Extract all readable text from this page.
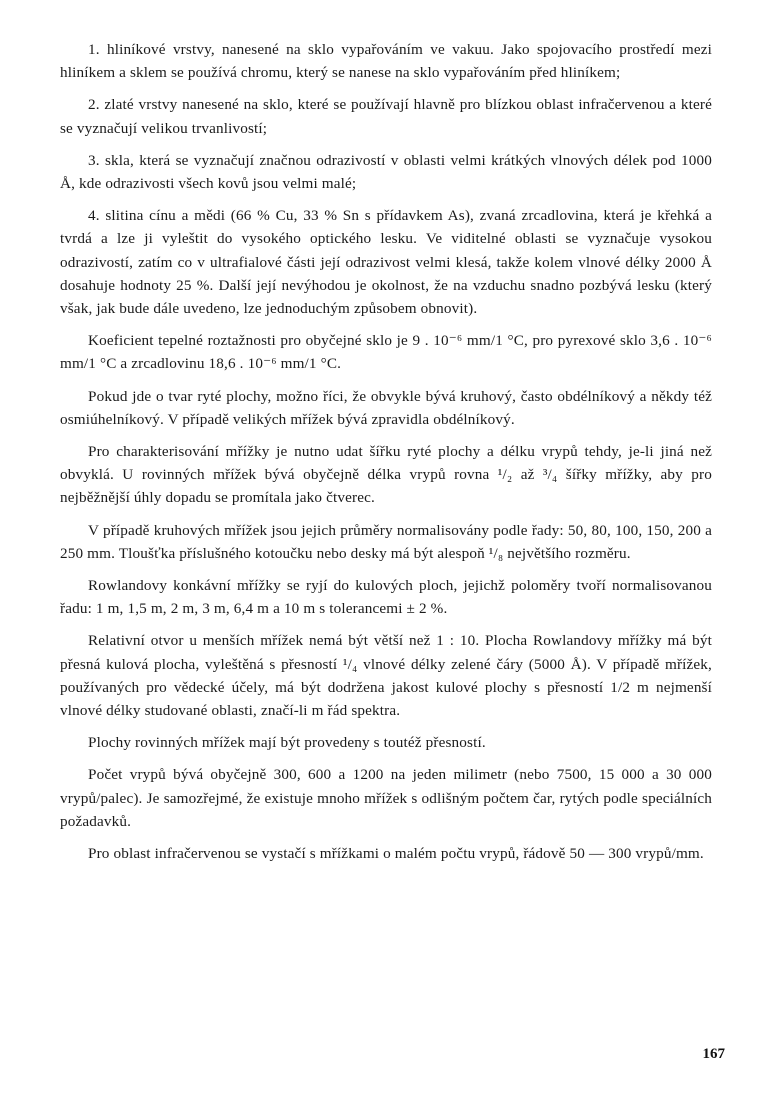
1. hliníkové vrstvy, nanesené na sklo vypařováním ve vakuu. Jako spojovacího prostředí mezi hliníkem a sklem se používá chromu, který se nanese na sklo vypařováním před hliníkem;

2. zlaté vrstvy nanesené na sklo, které se používají hlavně pro blízkou oblast infračervenou a které se vyznačují velikou trvanlivostí;

3. skla, která se vyznačují značnou odrazivostí v oblasti velmi krátkých vlnových délek pod 1000 Å, kde odrazivosti všech kovů jsou velmi malé;

4. slitina cínu a mědi (66 % Cu, 33 % Sn s přídavkem As), zvaná zrcadlovina, která je křehká a tvrdá a lze ji vyleštit do vysokého optického lesku. Ve viditelné oblasti se vyznačuje vysokou odrazivostí, zatím co v ultrafialové části její odrazivost velmi klesá, takže kolem vlnové délky 2000 Å dosahuje hodnoty 25 %. Další její nevýhodou je okolnost, že na vzduchu snadno pozbývá lesku (který však, jak bude dále uvedeno, lze jednoduchým způsobem obnovit).

Koeficient tepelné roztažnosti pro obyčejné sklo je 9 . 10⁻⁶ mm/1 °C, pro pyrexové sklo 3,6 . 10⁻⁶ mm/1 °C a zrcadlovinu 18,6 . 10⁻⁶ mm/1 °C.

Pokud jde o tvar ryté plochy, možno říci, že obvykle bývá kruhový, často obdélníkový a někdy též osmiúhelníkový. V případě velikých mřížek bývá zpravidla obdélníkový.

Pro charakterisování mřížky je nutno udat šířku ryté plochy a délku vrypů tehdy, je-li jiná než obvyklá. U rovinných mřížek bývá obyčejně délka vrypů rovna ¹/₂ až ³/₄ šířky mřížky, aby pro nejběžnější úhly dopadu se promítala jako čtverec.

V případě kruhových mřížek jsou jejich průměry normalisovány podle řady: 50, 80, 100, 150, 200 a 250 mm. Tloušťka příslušného kotoučku nebo desky má být alespoň ¹/₈ největšího rozměru.

Rowlandovy konkávní mřížky se ryjí do kulových ploch, jejichž poloměry tvoří normalisovanou řadu: 1 m, 1,5 m, 2 m, 3 m, 6,4 m a 10 m s tolerancemi ± 2 %.

Relativní otvor u menších mřížek nemá být větší než 1 : 10. Plocha Rowlandovy mřížky má být přesná kulová plocha, vyleštěná s přesností ¹/₄ vlnové délky zelené čáry (5000 Å). V případě mřížek, používaných pro vědecké účely, má být dodržena jakost kulové plochy s přesností 1/2 m nejmenší vlnové délky studované oblasti, značí-li m řád spektra.

Plochy rovinných mřížek mají být provedeny s toutéž přesností.

Počet vrypů bývá obyčejně 300, 600 a 1200 na jeden milimetr (nebo 7500, 15 000 a 30 000 vrypů/palec). Je samozřejmé, že existuje mnoho mřížek s odlišným počtem čar, rytých podle speciálních požadavků.

Pro oblast infračervenou se vystačí s mřížkami o malém počtu vrypů, řádově 50 — 300 vrypů/mm.

167
